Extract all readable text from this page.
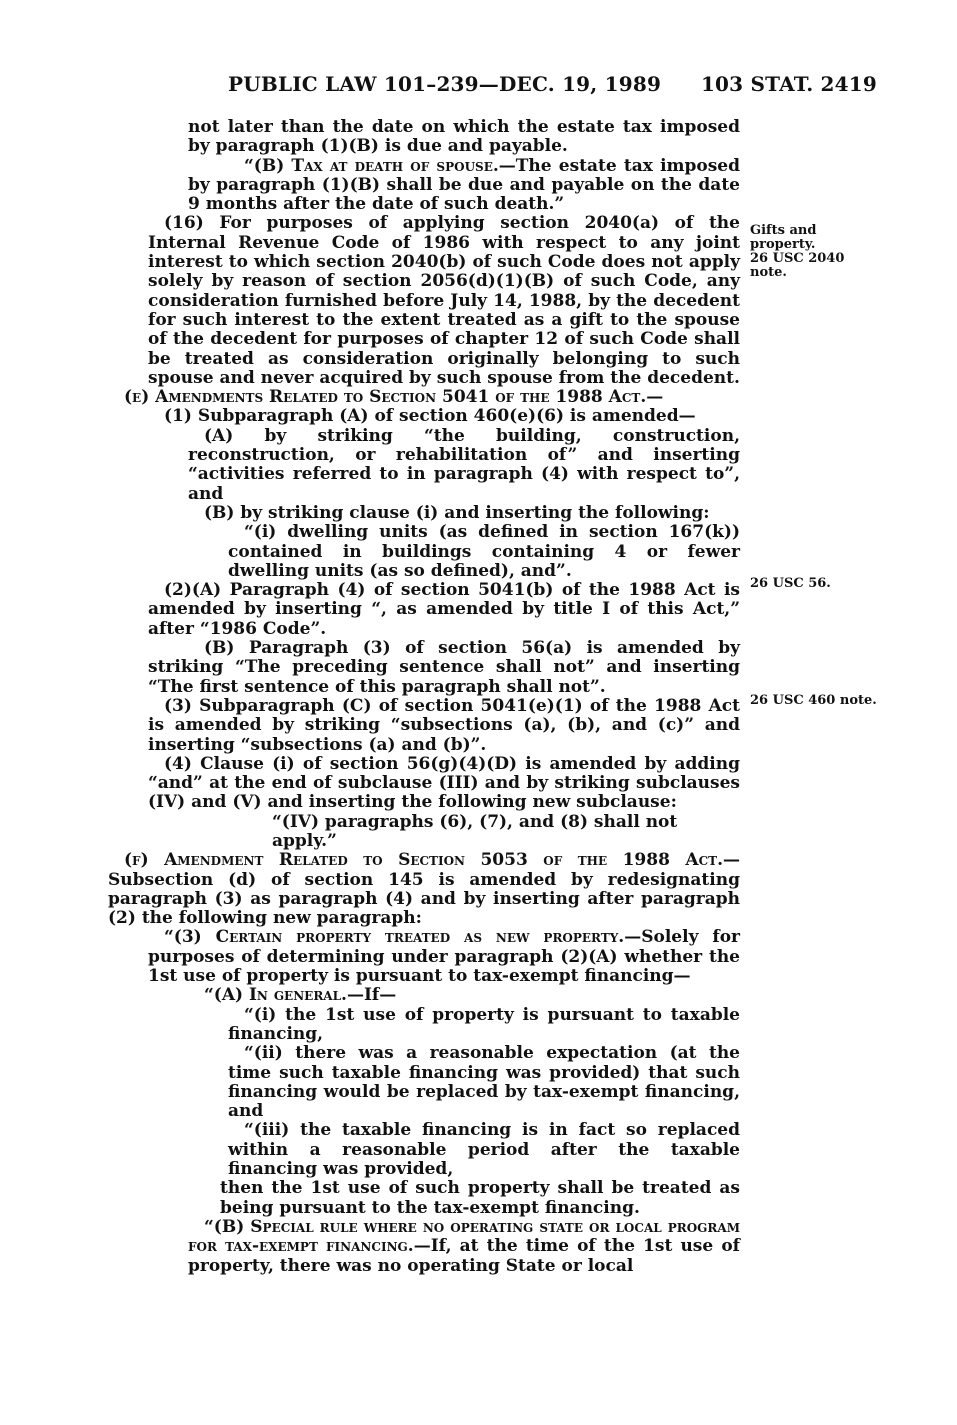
PUBLIC LAW 101–239—DEC. 19, 1989 103 STAT. 2419

not later than the date on which the estate tax imposed by paragraph (1)(B) is due and payable.

“(B) Tax at death of spouse.—The estate tax imposed by paragraph (1)(B) shall be due and payable on the date 9 months after the date of such death.”

(16) For purposes of applying section 2040(a) of the Internal Revenue Code of 1986 with respect to any joint interest to which section 2040(b) of such Code does not apply solely by reason of section 2056(d)(1)(B) of such Code, any consideration furnished before July 14, 1988, by the decedent for such interest to the extent treated as a gift to the spouse of the decedent for purposes of chapter 12 of such Code shall be treated as consideration originally belonging to such spouse and never acquired by such spouse from the decedent.

(e) Amendments Related to Section 5041 of the 1988 Act.—

(1) Subparagraph (A) of section 460(e)(6) is amended—

(A) by striking “the building, construction, reconstruction, or rehabilitation of” and inserting “activities referred to in paragraph (4) with respect to”, and

(B) by striking clause (i) and inserting the following:

“(i) dwelling units (as defined in section 167(k)) contained in buildings containing 4 or fewer dwelling units (as so defined), and”.

(2)(A) Paragraph (4) of section 5041(b) of the 1988 Act is amended by inserting “, as amended by title I of this Act,” after “1986 Code”.

(B) Paragraph (3) of section 56(a) is amended by striking “The preceding sentence shall not” and inserting “The first sentence of this paragraph shall not”.

(3) Subparagraph (C) of section 5041(e)(1) of the 1988 Act is amended by striking “subsections (a), (b), and (c)” and inserting “subsections (a) and (b)”.

(4) Clause (i) of section 56(g)(4)(D) is amended by adding “and” at the end of subclause (III) and by striking subclauses (IV) and (V) and inserting the following new subclause:

“(IV) paragraphs (6), (7), and (8) shall not apply.”

(f) Amendment Related to Section 5053 of the 1988 Act.—Subsection (d) of section 145 is amended by redesignating paragraph (3) as paragraph (4) and by inserting after paragraph (2) the following new paragraph:

“(3) Certain property treated as new property.—Solely for purposes of determining under paragraph (2)(A) whether the 1st use of property is pursuant to tax-exempt financing—

“(A) In general.—If—

“(i) the 1st use of property is pursuant to taxable financing,

“(ii) there was a reasonable expectation (at the time such taxable financing was provided) that such financing would be replaced by tax-exempt financing, and

“(iii) the taxable financing is in fact so replaced within a reasonable period after the taxable financing was provided,

then the 1st use of such property shall be treated as being pursuant to the tax-exempt financing.

“(B) Special rule where no operating state or local program for tax-exempt financing.—If, at the time of the 1st use of property, there was no operating State or local

Gifts and
property.
26 USC 2040
note.
26 USC 56.
26 USC 460 note.
